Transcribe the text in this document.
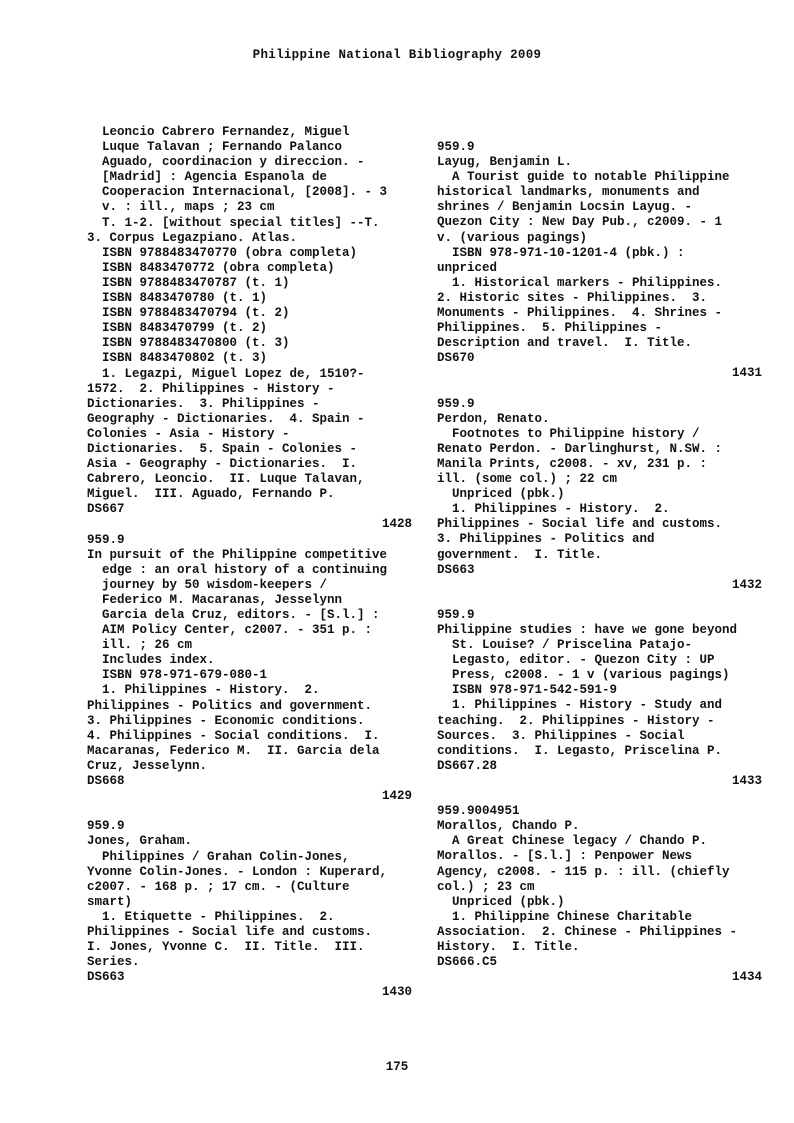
Philippine National Bibliography 2009
Leoncio Cabrero Fernandez, Miguel
Luque Talavan ; Fernando Palanco
Aguado, coordinacion y direccion. -
[Madrid] : Agencia Espanola de
Cooperacion Internacional, [2008]. - 3
v. : ill., maps ; 23 cm
T. 1-2. [without special titles] --T.
3. Corpus Legazpiano. Atlas.
ISBN 9788483470770 (obra completa)
ISBN 8483470772 (obra completa)
ISBN 9788483470787 (t. 1)
ISBN 8483470780 (t. 1)
ISBN 9788483470794 (t. 2)
ISBN 8483470799 (t. 2)
ISBN 9788483470800 (t. 3)
ISBN 8483470802 (t. 3)
1. Legazpi, Miguel Lopez de, 1510?-
1572.  2. Philippines - History -
Dictionaries.  3. Philippines -
Geography - Dictionaries.  4. Spain -
Colonies - Asia - History -
Dictionaries.  5. Spain - Colonies -
Asia - Geography - Dictionaries.  I.
Cabrero, Leoncio.  II. Luque Talavan,
Miguel.  III. Aguado, Fernando P.
DS667
1428
959.9
In pursuit of the Philippine competitive
edge : an oral history of a continuing
journey by 50 wisdom-keepers /
Federico M. Macaranas, Jesselynn
Garcia dela Cruz, editors. - [S.l.] :
AIM Policy Center, c2007. - 351 p. :
ill. ; 26 cm
Includes index.
ISBN 978-971-679-080-1
1. Philippines - History.  2.
Philippines - Politics and government.
3. Philippines - Economic conditions.
4. Philippines - Social conditions.  I.
Macaranas, Federico M.  II. Garcia dela
Cruz, Jesselynn.
DS668
1429
959.9
Jones, Graham.
Philippines / Grahan Colin-Jones,
Yvonne Colin-Jones. - London : Kuperard,
c2007. - 168 p. ; 17 cm. - (Culture
smart)
1. Etiquette - Philippines.  2.
Philippines - Social life and customs.
I. Jones, Yvonne C.  II. Title.  III.
Series.
DS663
1430
959.9
Layug, Benjamin L.
A Tourist guide to notable Philippine
historical landmarks, monuments and
shrines / Benjamin Locsin Layug. -
Quezon City : New Day Pub., c2009. - 1
v. (various pagings)
ISBN 978-971-10-1201-4 (pbk.) :
unpriced
1. Historical markers - Philippines.
2. Historic sites - Philippines.  3.
Monuments - Philippines.  4. Shrines -
Philippines.  5. Philippines -
Description and travel.  I. Title.
DS670
1431
959.9
Perdon, Renato.
Footnotes to Philippine history /
Renato Perdon. - Darlinghurst, N.SW. :
Manila Prints, c2008. - xv, 231 p. :
ill. (some col.) ; 22 cm
Unpriced (pbk.)
1. Philippines - History.  2.
Philippines - Social life and customs.
3. Philippines - Politics and
government.  I. Title.
DS663
1432
959.9
Philippine studies : have we gone beyond
St. Louise? / Priscelina Patajo-
Legasto, editor. - Quezon City : UP
Press, c2008. - 1 v (various pagings)
ISBN 978-971-542-591-9
1. Philippines - History - Study and
teaching.  2. Philippines - History -
Sources.  3. Philippines - Social
conditions.  I. Legasto, Priscelina P.
DS667.28
1433
959.9004951
Morallos, Chando P.
A Great Chinese legacy / Chando P.
Morallos. - [S.l.] : Penpower News
Agency, c2008. - 115 p. : ill. (chiefly
col.) ; 23 cm
Unpriced (pbk.)
1. Philippine Chinese Charitable
Association.  2. Chinese - Philippines -
History.  I. Title.
DS666.C5
1434
175
